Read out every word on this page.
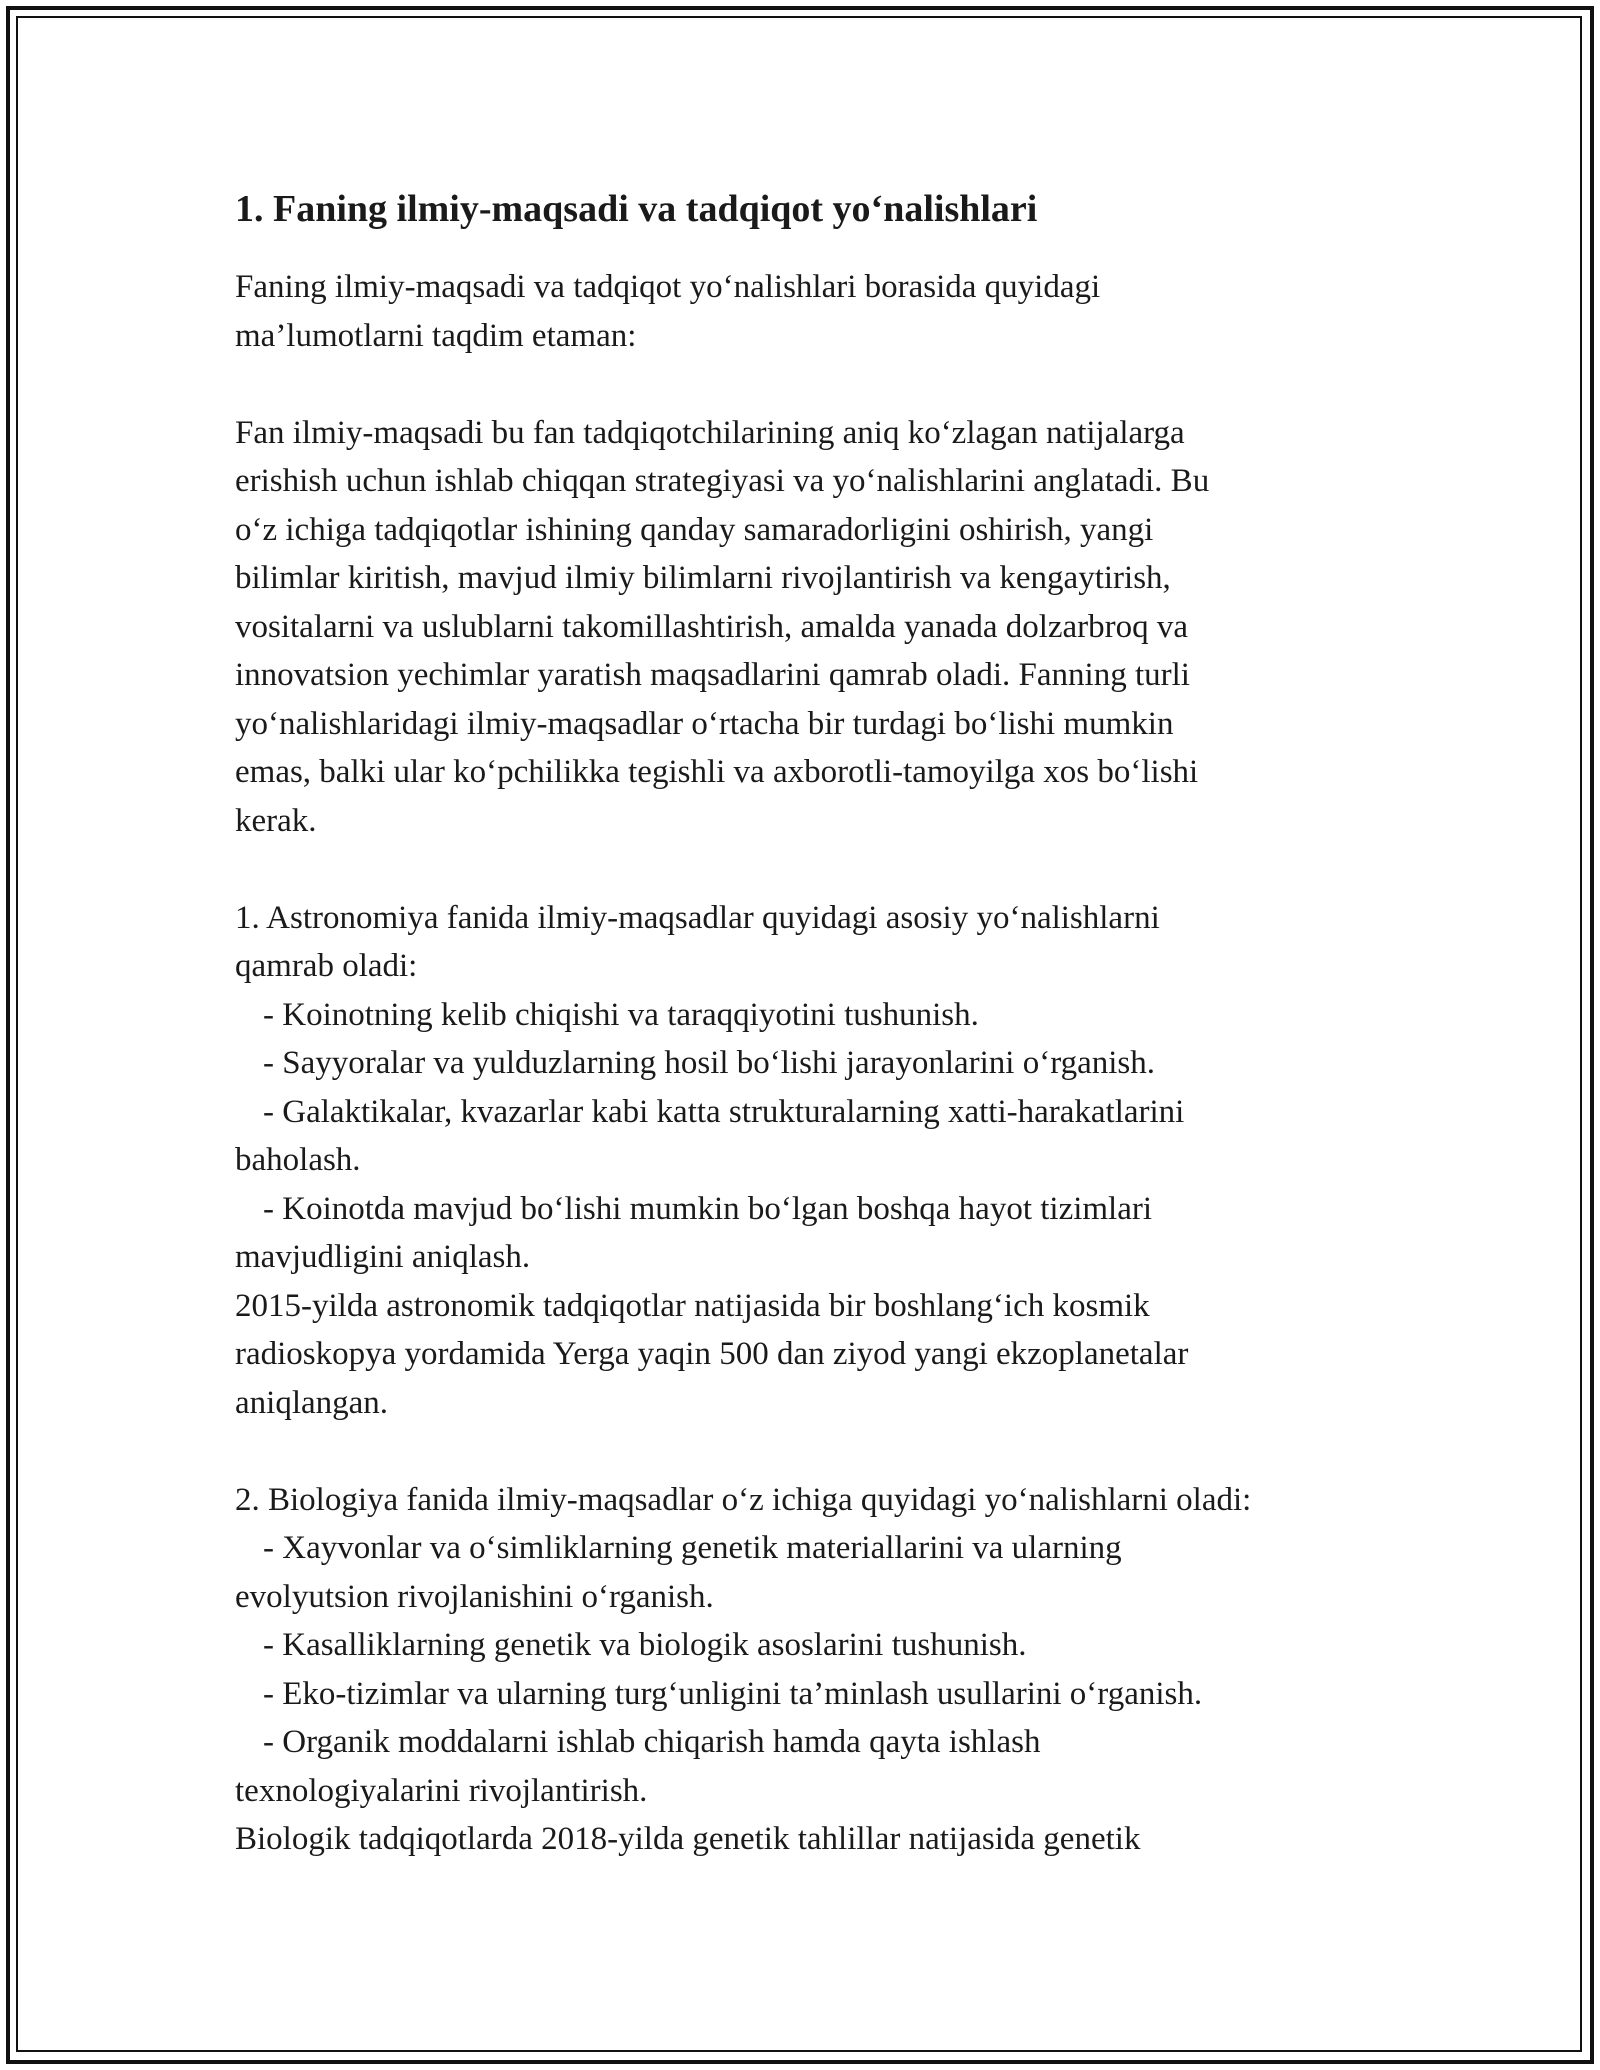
1. Faning ilmiy-maqsadi va tadqiqot yo‘nalishlari

Faning ilmiy-maqsadi va tadqiqot yo‘nalishlari borasida quyidagi

ma’lumotlarni taqdim etaman:

Fan ilmiy-maqsadi bu fan tadqiqotchilarining aniq ko‘zlagan natijalarga

erishish uchun ishlab chiqqan strategiyasi va yo‘nalishlarini anglatadi. Bu

o‘z ichiga tadqiqotlar ishining qanday samaradorligini oshirish, yangi

bilimlar kiritish, mavjud ilmiy bilimlarni rivojlantirish va kengaytirish,

vositalarni va uslublarni takomillashtirish, amalda yanada dolzarbroq va

innovatsion yechimlar yaratish maqsadlarini qamrab oladi. Fanning turli

yo‘nalishlaridagi ilmiy-maqsadlar o‘rtacha bir turdagi bo‘lishi mumkin

emas, balki ular ko‘pchilikka tegishli va axborotli-tamoyilga xos bo‘lishi

kerak.

1. Astronomiya fanida ilmiy-maqsadlar quyidagi asosiy yo‘nalishlarni

qamrab oladi:

- Koinotning kelib chiqishi va taraqqiyotini tushunish.

- Sayyoralar va yulduzlarning hosil bo‘lishi jarayonlarini o‘rganish.

- Galaktikalar, kvazarlar kabi katta strukturalarning xatti-harakatlarini

baholash.

- Koinotda mavjud bo‘lishi mumkin bo‘lgan boshqa hayot tizimlari

mavjudligini aniqlash.

2015-yilda astronomik tadqiqotlar natijasida bir boshlang‘ich kosmik

radioskopya yordamida Yerga yaqin 500 dan ziyod yangi ekzoplanetalar

aniqlangan.

2. Biologiya fanida ilmiy-maqsadlar o‘z ichiga quyidagi yo‘nalishlarni oladi:

- Xayvonlar va o‘simliklarning genetik materiallarini va ularning

evolyutsion rivojlanishini o‘rganish.

- Kasalliklarning genetik va biologik asoslarini tushunish.

- Eko-tizimlar va ularning turg‘unligini ta’minlash usullarini o‘rganish.

- Organik moddalarni ishlab chiqarish hamda qayta ishlash

texnologiyalarini rivojlantirish.

Biologik tadqiqotlarda 2018-yilda genetik tahlillar natijasida genetik
